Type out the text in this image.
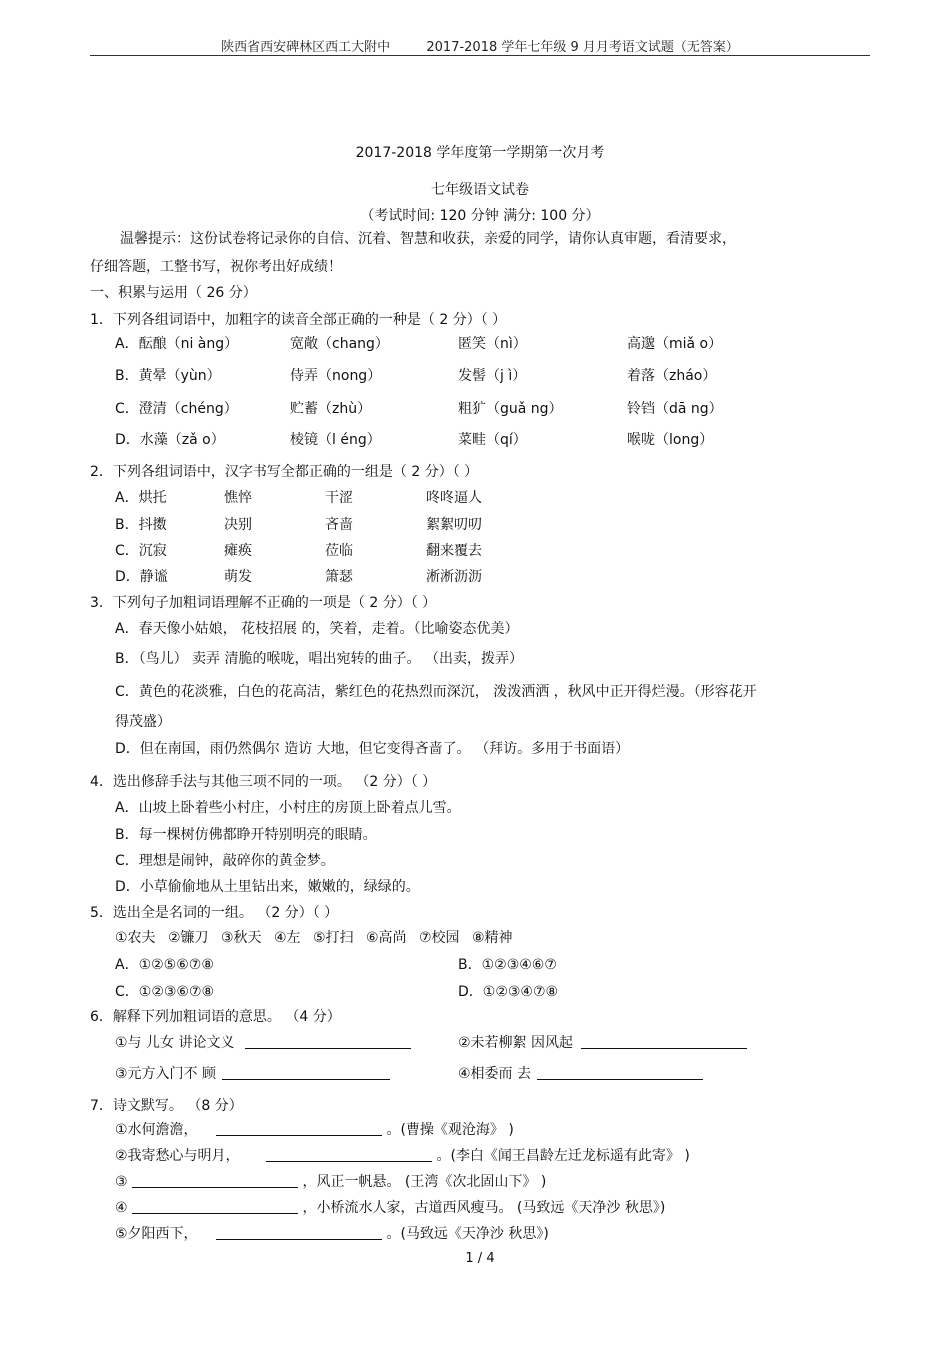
陕西省西安碑林区西工大附中	2017-2018 学年七年级 9 月月考语文试题（无答案）
2017-2018 学年度第一学期第一次月考
七年级语文试卷
（考试时间: 120 分钟 满分: 100 分）
温馨提示：这份试卷将记录你的自信、沉着、智慧和收获，亲爱的同学，请你认真审题，看清要求，
仔细答题，工整书写，祝你考出好成绩！
一、积累与运用（ 26 分）
1．下列各组词语中，加粗字的读音全部正确的一种是（ 2 分）（ ）
A．酝酿（ni àng）	宽敞（chang）	匿笑（nì）	高邈（miǎ o）
B．黄晕（yùn）	侍弄（nong）	发髻（j ì）	着落（zháo）
C．澄清（chéng）	贮蓄（zhù）	粗犷（guǎ ng）	铃铛（dā ng）
D．水藻（zǎ o）	棱镜（l éng）	菜畦（qí）	喉咙（long）
2．下列各组词语中，汉字书写全都正确的一组是（ 2 分）（ ）
A．烘托	憔悴	干涩	咚咚逼人
B．抖擞	决别	吝啬	絮絮叨叨
C．沉寂	瘫痪	莅临	翻来覆去
D．静谧	萌发	箫瑟	淅淅沥沥
3．下列句子加粗词语理解不正确的一项是（ 2 分）（ ）
A．春天像小姑娘， 花枝招展 的，笑着，走着。（比喻姿态优美）
B．（鸟儿） 卖弄 清脆的喉咙，唱出宛转的曲子。 （出卖，拨弄）
C．黄色的花淡雅，白色的花高洁，紫红色的花热烈而深沉， 泼泼洒洒 ，秋风中正开得烂漫。（形容花开
得茂盛）
D．但在南国，雨仍然偶尔 造访 大地，但它变得吝啬了。 （拜访。多用于书面语）
4．选出修辞手法与其他三项不同的一项。 （2 分）（ ）
A．山坡上卧着些小村庄，小村庄的房顶上卧着点儿雪。
B．每一棵树仿佛都睁开特别明亮的眼睛。
C．理想是闹钟，敲碎你的黄金梦。
D．小草偷偷地从土里钻出来，嫩嫩的，绿绿的。
5．选出全是名词的一组。 （2 分）（ ）
①农夫 ②镰刀 ③秋天 ④左 ⑤打扫 ⑥高尚 ⑦校园 ⑧精神
A．①②⑤⑥⑦⑧	B．①②③④⑥⑦
C．①②③⑥⑦⑧	D．①②③④⑦⑧
6．解释下列加粗词语的意思。 （4 分）
①与 儿女 讲论文义	②未若柳絮 因风起
③元方入门不 顾	④相委而 去
7．诗文默写。 （8 分）
①水何澹澹，	。(曹操《观沧海》 )
②我寄愁心与明月，	。(李白《闻王昌龄左迁龙标遥有此寄》 )
③	，风正一帆悬。 (王湾《次北固山下》 )
④	，小桥流水人家，古道西风瘦马。 (马致远《天净沙 秋思》)
⑤夕阳西下，	。(马致远《天净沙 秋思》)
1 / 4
